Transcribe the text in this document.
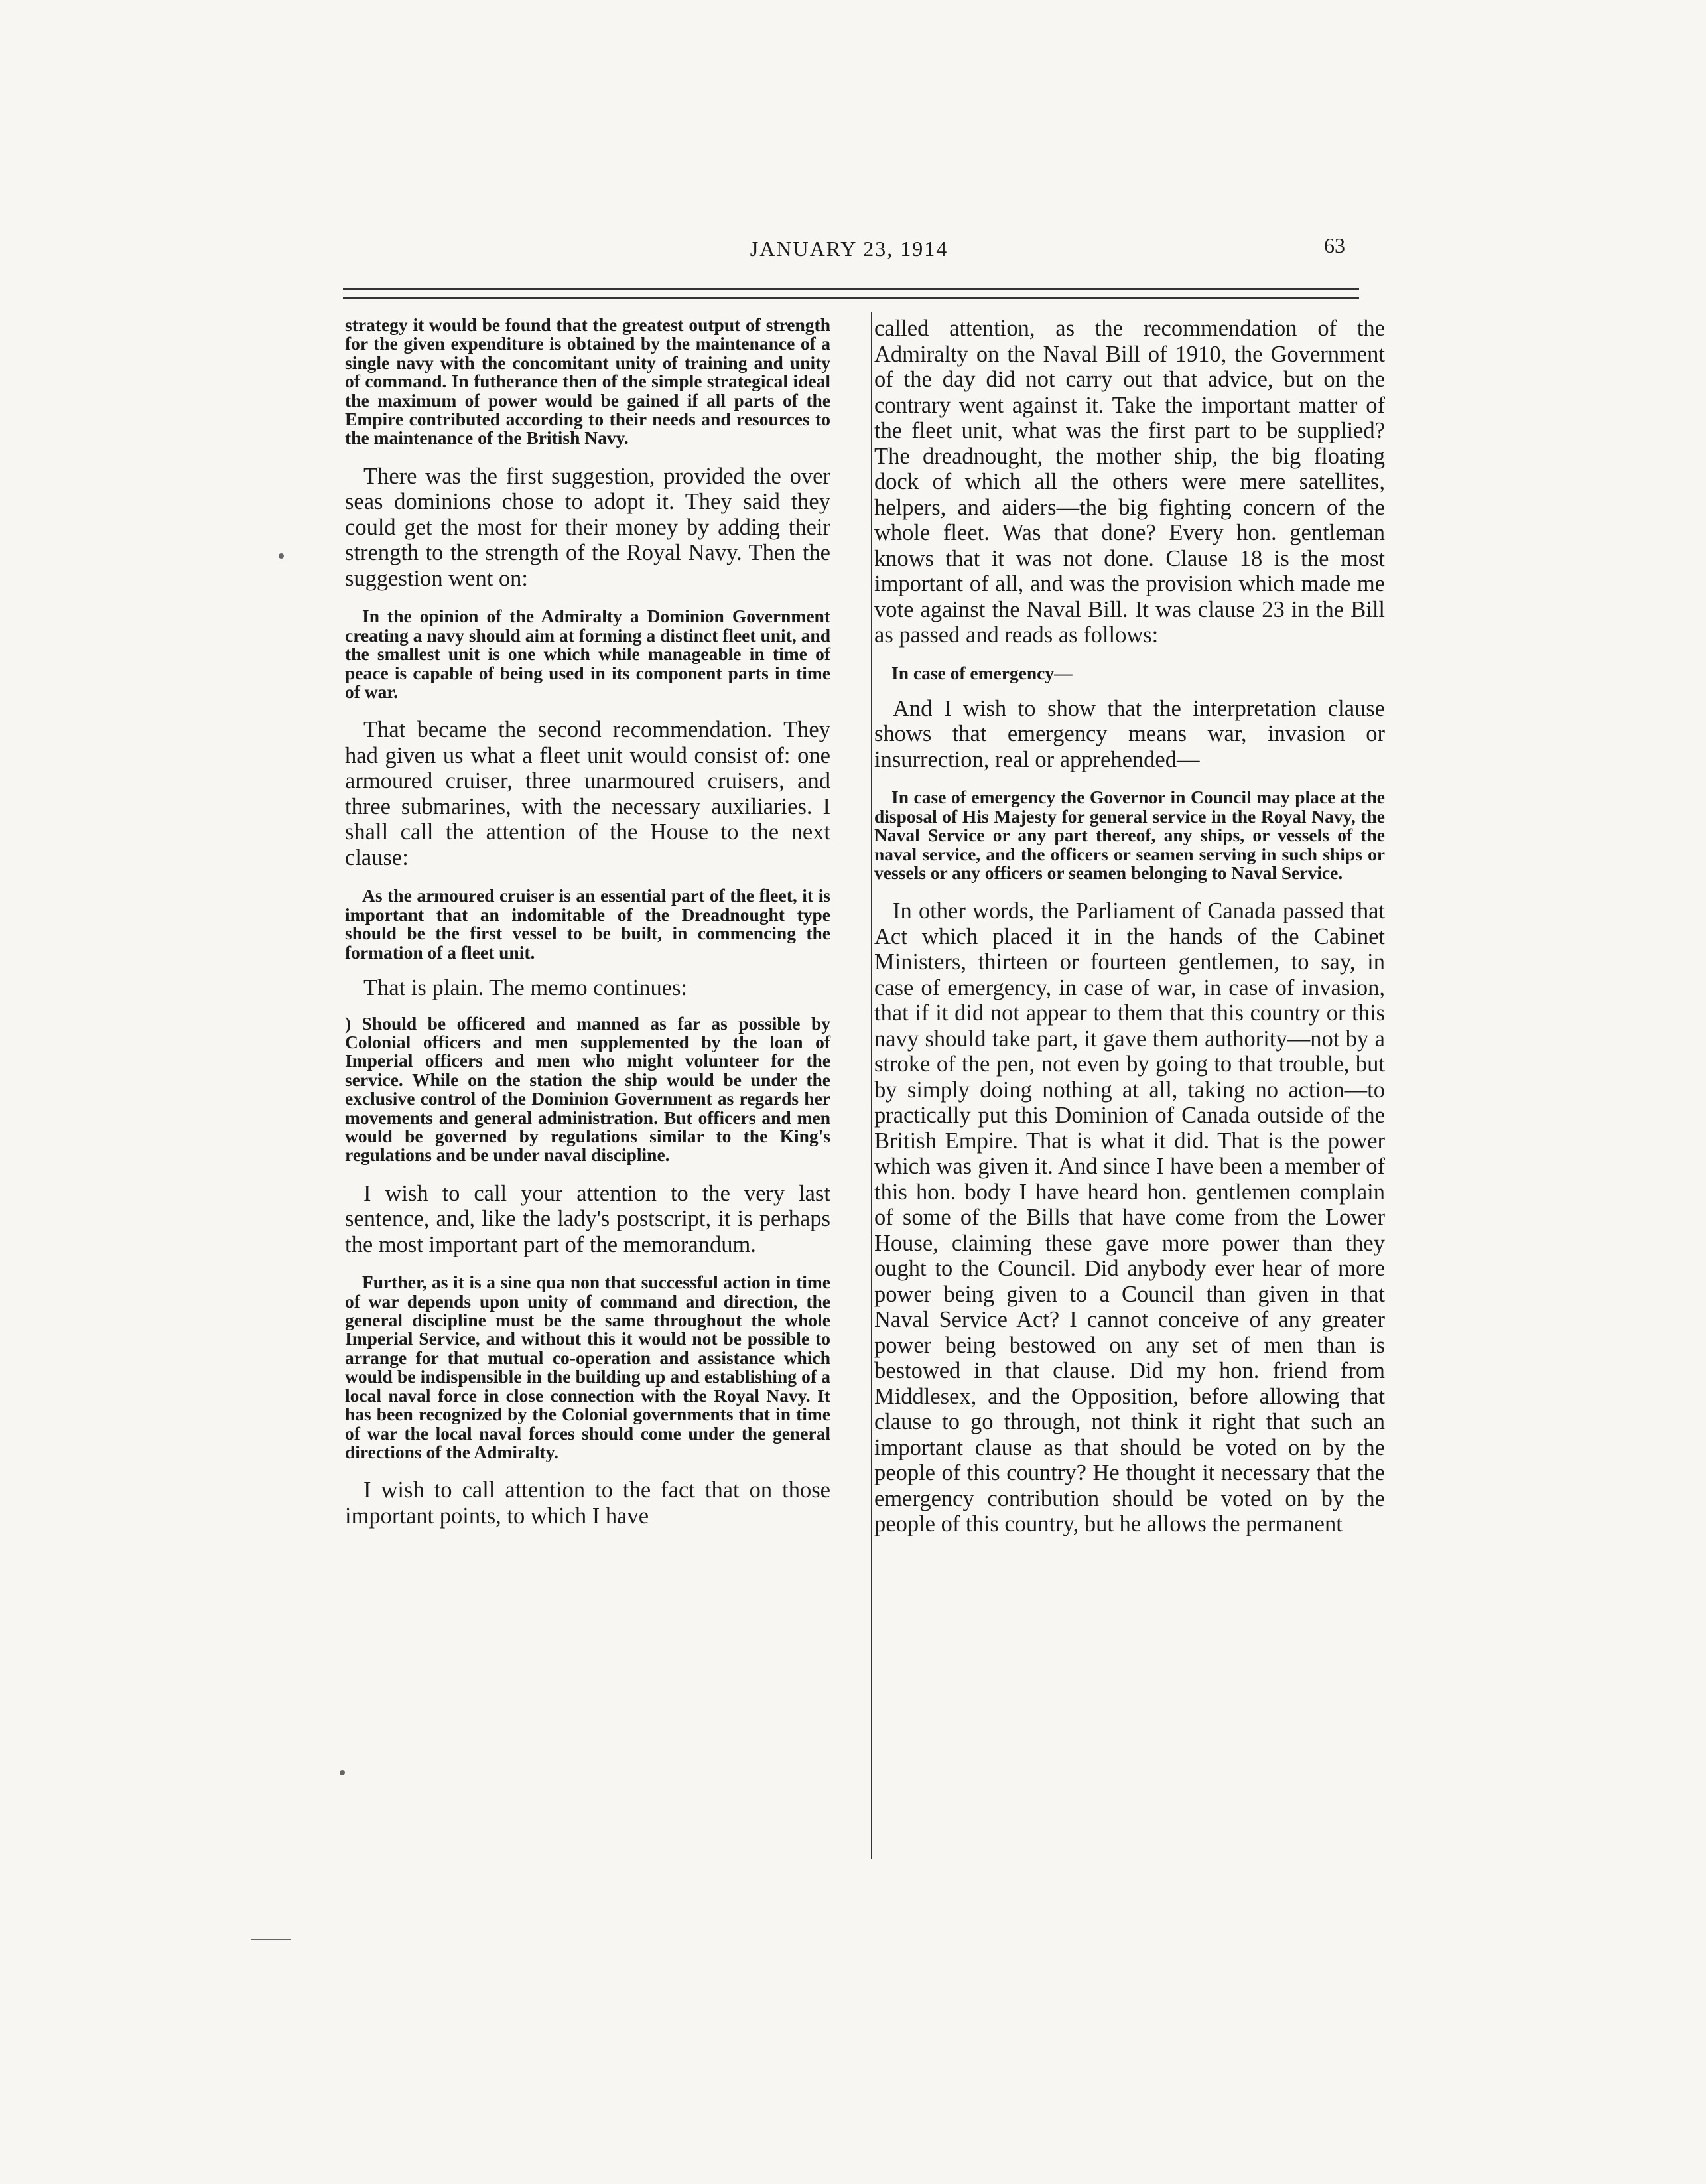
JANUARY 23, 1914	63

strategy it would be found that the greatest output of strength for the given expenditure is obtained by the maintenance of a single navy with the concomitant unity of training and unity of command. In futherance then of the simple strategical ideal the maximum of power would be gained if all parts of the Empire contributed according to their needs and resources to the maintenance of the British Navy.

There was the first suggestion, provided the over seas dominions chose to adopt it. They said they could get the most for their money by adding their strength to the strength of the Royal Navy. Then the suggestion went on:

In the opinion of the Admiralty a Dominion Government creating a navy should aim at forming a distinct fleet unit, and the smallest unit is one which while manageable in time of peace is capable of being used in its component parts in time of war.

That became the second recommendation. They had given us what a fleet unit would consist of: one armoured cruiser, three unarmoured cruisers, and three submarines, with the necessary auxiliaries. I shall call the attention of the House to the next clause:

As the armoured cruiser is an essential part of the fleet, it is important that an indomitable of the Dreadnought type should be the first vessel to be built, in commencing the formation of a fleet unit.

That is plain. The memo continues:

) Should be officered and manned as far as possible by Colonial officers and men supplemented by the loan of Imperial officers and men who might volunteer for the service. While on the station the ship would be under the exclusive control of the Dominion Government as regards her movements and general administration. But officers and men would be governed by regulations similar to the King's regulations and be under naval discipline.

I wish to call your attention to the very last sentence, and, like the lady's postscript, it is perhaps the most important part of the memorandum.

Further, as it is a sine qua non that successful action in time of war depends upon unity of command and direction, the general discipline must be the same throughout the whole Imperial Service, and without this it would not be possible to arrange for that mutual co-operation and assistance which would be indispensible in the building up and establishing of a local naval force in close connection with the Royal Navy. It has been recognized by the Colonial governments that in time of war the local naval forces should come under the general directions of the Admiralty.

I wish to call attention to the fact that on those important points, to which I have

called attention, as the recommendation of the Admiralty on the Naval Bill of 1910, the Government of the day did not carry out that advice, but on the contrary went against it. Take the important matter of the fleet unit, what was the first part to be supplied? The dreadnought, the mother ship, the big floating dock of which all the others were mere satellites, helpers, and aiders—the big fighting concern of the whole fleet. Was that done? Every hon. gentleman knows that it was not done. Clause 18 is the most important of all, and was the provision which made me vote against the Naval Bill. It was clause 23 in the Bill as passed and reads as follows:

In case of emergency—

And I wish to show that the interpretation clause shows that emergency means war, invasion or insurrection, real or apprehended—

In case of emergency the Governor in Council may place at the disposal of His Majesty for general service in the Royal Navy, the Naval Service or any part thereof, any ships, or vessels of the naval service, and the officers or seamen serving in such ships or vessels or any officers or seamen belonging to Naval Service.

In other words, the Parliament of Canada passed that Act which placed it in the hands of the Cabinet Ministers, thirteen or fourteen gentlemen, to say, in case of emergency, in case of war, in case of invasion, that if it did not appear to them that this country or this navy should take part, it gave them authority—not by a stroke of the pen, not even by going to that trouble, but by simply doing nothing at all, taking no action—to practically put this Dominion of Canada outside of the British Empire. That is what it did. That is the power which was given it. And since I have been a member of this hon. body I have heard hon. gentlemen complain of some of the Bills that have come from the Lower House, claiming these gave more power than they ought to the Council. Did anybody ever hear of more power being given to a Council than given in that Naval Service Act? I cannot conceive of any greater power being bestowed on any set of men than is bestowed in that clause. Did my hon. friend from Middlesex, and the Opposition, before allowing that clause to go through, not think it right that such an important clause as that should be voted on by the people of this country? He thought it necessary that the emergency contribution should be voted on by the people of this country, but he allows the permanent
